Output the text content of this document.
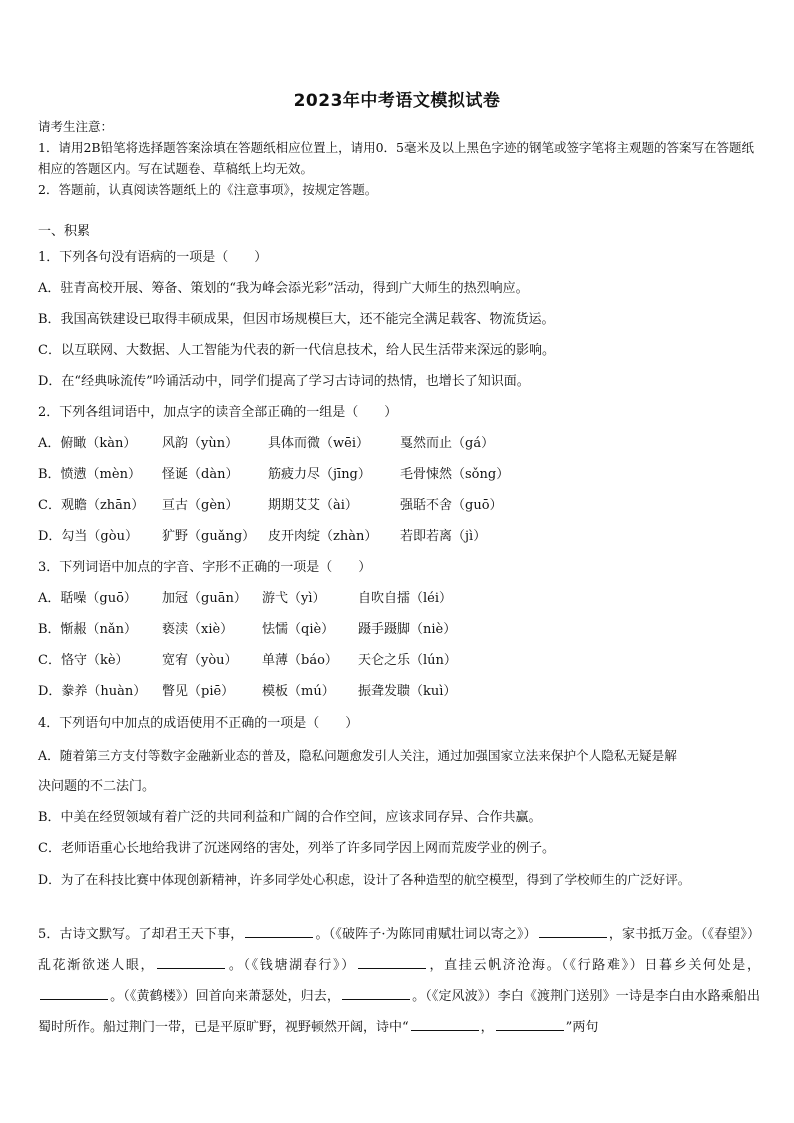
2023年中考语文模拟试卷

请考生注意：

1．请用2B铅笔将选择题答案涂填在答题纸相应位置上，请用0．5毫米及以上黑色字迹的钢笔或签字笔将主观题的答案写在答题纸相应的答题区内。写在试题卷、草稿纸上均无效。

2．答题前，认真阅读答题纸上的《注意事项》，按规定答题。

一、积累
1．下列各句没有语病的一项是（　　）
A．驻青高校开展、筹备、策划的“我为峰会添光彩”活动，得到广大师生的热烈响应。
B．我国高铁建设已取得丰硕成果，但因市场规模巨大，还不能完全满足载客、物流货运。
C．以互联网、大数据、人工智能为代表的新一代信息技术，给人民生活带来深远的影响。
D．在“经典咏流传”吟诵活动中，同学们提高了学习古诗词的热情，也增长了知识面。
2．下列各组词语中，加点字的读音全部正确的一组是（　　）
A．俯瞰（kàn） 风韵（yùn） 具体而微（wēi） 戛然而止（gá）
B．愤懑（mèn） 怪诞（dàn） 筋疲力尽（jīng） 毛骨悚然（sǒng）
C．观瞻（zhān） 亘古（gèn） 期期艾艾（ài）	强聒不舍（guō）
D．勾当（gòu） 犷野（guǎng） 皮开肉绽（zhàn） 若即若离（jì）
3．下列词语中加点的字音、字形不正确的一项是（　　）
A．聒噪（guō） 加冠（guān） 游弋（yì） 自吹自擂（léi）
B．惭赧（nǎn） 亵渎（xiè） 怯懦（qiè） 蹑手蹑脚（niè）
C．恪守（kè）	宽宥（yòu） 单薄（báo） 天仑之乐（lún）
D．豢养（huàn） 瞥见（piē） 模板（mú） 振聋发聩（kuì）
4．下列语句中加点的成语使用不正确的一项是（　　）
A．随着第三方支付等数字金融新业态的普及，隐私问题愈发引人关注，通过加强国家立法来保护个人隐私无疑是解
决问题的不二法门。
B．中美在经贸领域有着广泛的共同利益和广阔的合作空间，应该求同存异、合作共赢。
C．老师语重心长地给我讲了沉迷网络的害处，列举了许多同学因上网而荒废学业的例子。
D．为了在科技比赛中体现创新精神，许多同学处心积虑，设计了各种造型的航空模型，得到了学校师生的广泛好评。
5．古诗文默写。了却君王天下事，	。（《破阵子·为陈同甫赋壮词以寄之》）	，家书抵万金。（《春望》）乱花渐欲迷人眼，	。（《钱塘湖春行》）	，直挂云帆济沧海。（《行路难》）日暮乡关何处是，。（《黄鹤楼》）回首向来萧瑟处，归去，	。（《定风波》）李白《渡荆门送别》一诗是李白由水路乘船出蜀时所作。船过荆门一带，已是平原旷野，视野顿然开阔，诗中“	，	”两句
